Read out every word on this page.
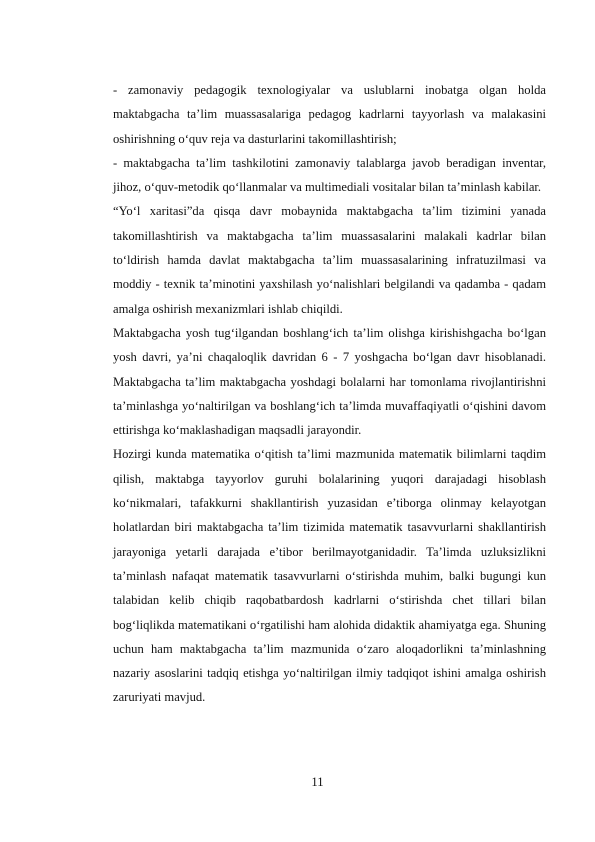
- zamonaviy pedagogik texnologiyalar va uslublarni inobatga olgan holda maktabgacha ta’lim muassasalariga pedagog kadrlarni tayyorlash va malakasini oshirishning o‘quv reja va dasturlarini takomillashtirish;

- maktabgacha ta’lim tashkilotini zamonaviy talablarga javob beradigan inventar, jihoz, o‘quv-metodik qo‘llanmalar va multimediali vositalar bilan ta’minlash kabilar.

“Yo‘l xaritasi”da qisqa davr mobaynida maktabgacha ta’lim tizimini yanada takomillashtirish va maktabgacha ta’lim muassasalarini malakali kadrlar bilan to‘ldirish hamda davlat maktabgacha ta’lim muassasalarining infratuzilmasi va moddiy - texnik ta’minotini yaxshilash yo‘nalishlari belgilandi va qadamba - qadam amalga oshirish mexanizmlari ishlab chiqildi.

Maktabgacha yosh tug‘ilgandan boshlang‘ich ta’lim olishga kirishishgacha bo‘lgan yosh davri, ya’ni chaqaloqlik davridan 6 - 7 yoshgacha bo‘lgan davr hisoblanadi. Maktabgacha ta’lim maktabgacha yoshdagi bolalarni har tomonlama rivojlantirishni ta’minlashga yo‘naltirilgan va boshlang‘ich ta’limda muvaffaqiyatli o‘qishini davom ettirishga ko‘maklashadigan maqsadli jarayondir.

Hozirgi kunda matematika o‘qitish ta’limi mazmunida matematik bilimlarni taqdim qilish, maktabga tayyorlov guruhi bolalarining yuqori darajadagi hisoblash ko‘nikmalari, tafakkurni shakllantirish yuzasidan e’tiborga olinmay kelayotgan holatlardan biri maktabgacha ta’lim tizimida matematik tasavvurlarni shakllantirish jarayoniga yetarli darajada e’tibor berilmayotganidadir. Ta’limda uzluksizlikni ta’minlash nafaqat matematik tasavvurlarni o‘stirishda muhim, balki bugungi kun talabidan kelib chiqib raqobatbardosh kadrlarni o‘stirishda chet tillari bilan bog‘liqlikda matematikani o‘rgatilishi ham alohida didaktik ahamiyatga ega. Shuning uchun ham maktabgacha ta’lim mazmunida o‘zaro aloqadorlikni ta’minlashning nazariy asoslarini tadqiq etishga yo‘naltirilgan ilmiy tadqiqot ishini amalga oshirish zaruriyati mavjud.

11
